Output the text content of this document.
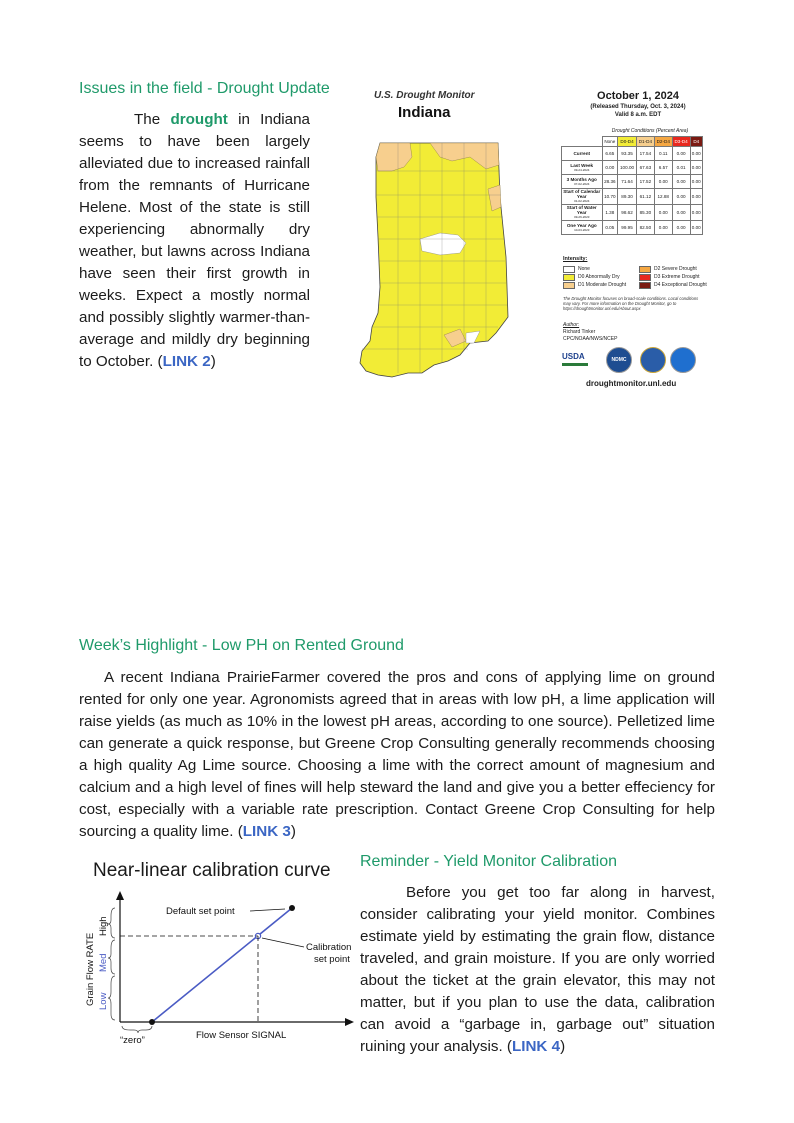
Issues in the field - Drought Update

The drought in Indiana seems to have been largely alleviated due to increased rainfall from the remnants of Hurricane Helene. Most of the state is still experiencing abnormally dry weather, but lawns across Indiana have seen their first growth in weeks. Expect a mostly normal and possibly slightly warmer-than-average and mildly dry beginning to October. (LINK 2)

U.S. Drought Monitor
Indiana
October 1, 2024
(Released Thursday, Oct. 3, 2024)
Valid 8 a.m. EDT
Drought Conditions (Percent Area)
	None	D0-D4	D1-D4	D2-D4	D3-D4	D4

Current	6.65	93.35	17.54	0.11	0.00	0.00

Last Week
09-24-2024	0.00	100.00	67.63	6.57	0.01	0.00

3 Months Ago
07-02-2024	28.36	71.64	17.52	0.00	0.00	0.00

Start of Calendar Year
01-02-2024	10.70	89.30	61.12	12.88	0.00	0.00

Start of Water Year
09-26-2023	1.38	98.62	85.30	0.00	0.00	0.00

One Year Ago
10-03-2023	0.05	99.95	82.50	0.00	0.00	0.00
Intensity:
None	D2 Severe Drought
D0 Abnormally Dry	D3 Extreme Drought
D1 Moderate Drought	D4 Exceptional Drought
The Drought Monitor focuses on broad-scale conditions. Local conditions may vary. For more information on the Drought Monitor, go to https://droughtmonitor.unl.edu/About.aspx
Author:
Richard Tinker
CPC/NOAA/NWS/NCEP
USDA	NDMC
droughtmonitor.unl.edu
Week’s Highlight - Low PH on Rented Ground

A recent Indiana PrairieFarmer covered the pros and cons of applying lime on ground rented for only one year. Agronomists agreed that in areas with low pH, a lime application will raise yields (as much as 10% in the lowest pH areas, according to one source). Pelletized lime can generate a quick response, but Greene Crop Consulting generally recommends choosing a high quality Ag Lime source. Choosing a lime with the correct amount of magnesium and calcium and a high level of fines will help steward the land and give you a better effeciency for cost, especially with a variable rate prescription. Contact Greene Crop Consulting for help sourcing a quality lime. (LINK 3)

Near-linear calibration curve
Default set point
Calibration
set point
High
Med
Low
Grain Flow RATE
“zero”	Flow Sensor SIGNAL
Reminder - Yield Monitor Calibration

Before you get too far along in harvest, consider calibrating your yield monitor. Combines estimate yield by estimating the grain flow, distance traveled, and grain moisture. If you are only worried about the ticket at the grain elevator, this may not matter, but if you plan to use the data, calibration can avoid a “garbage in, garbage out” situation ruining your analysis. (LINK 4)
